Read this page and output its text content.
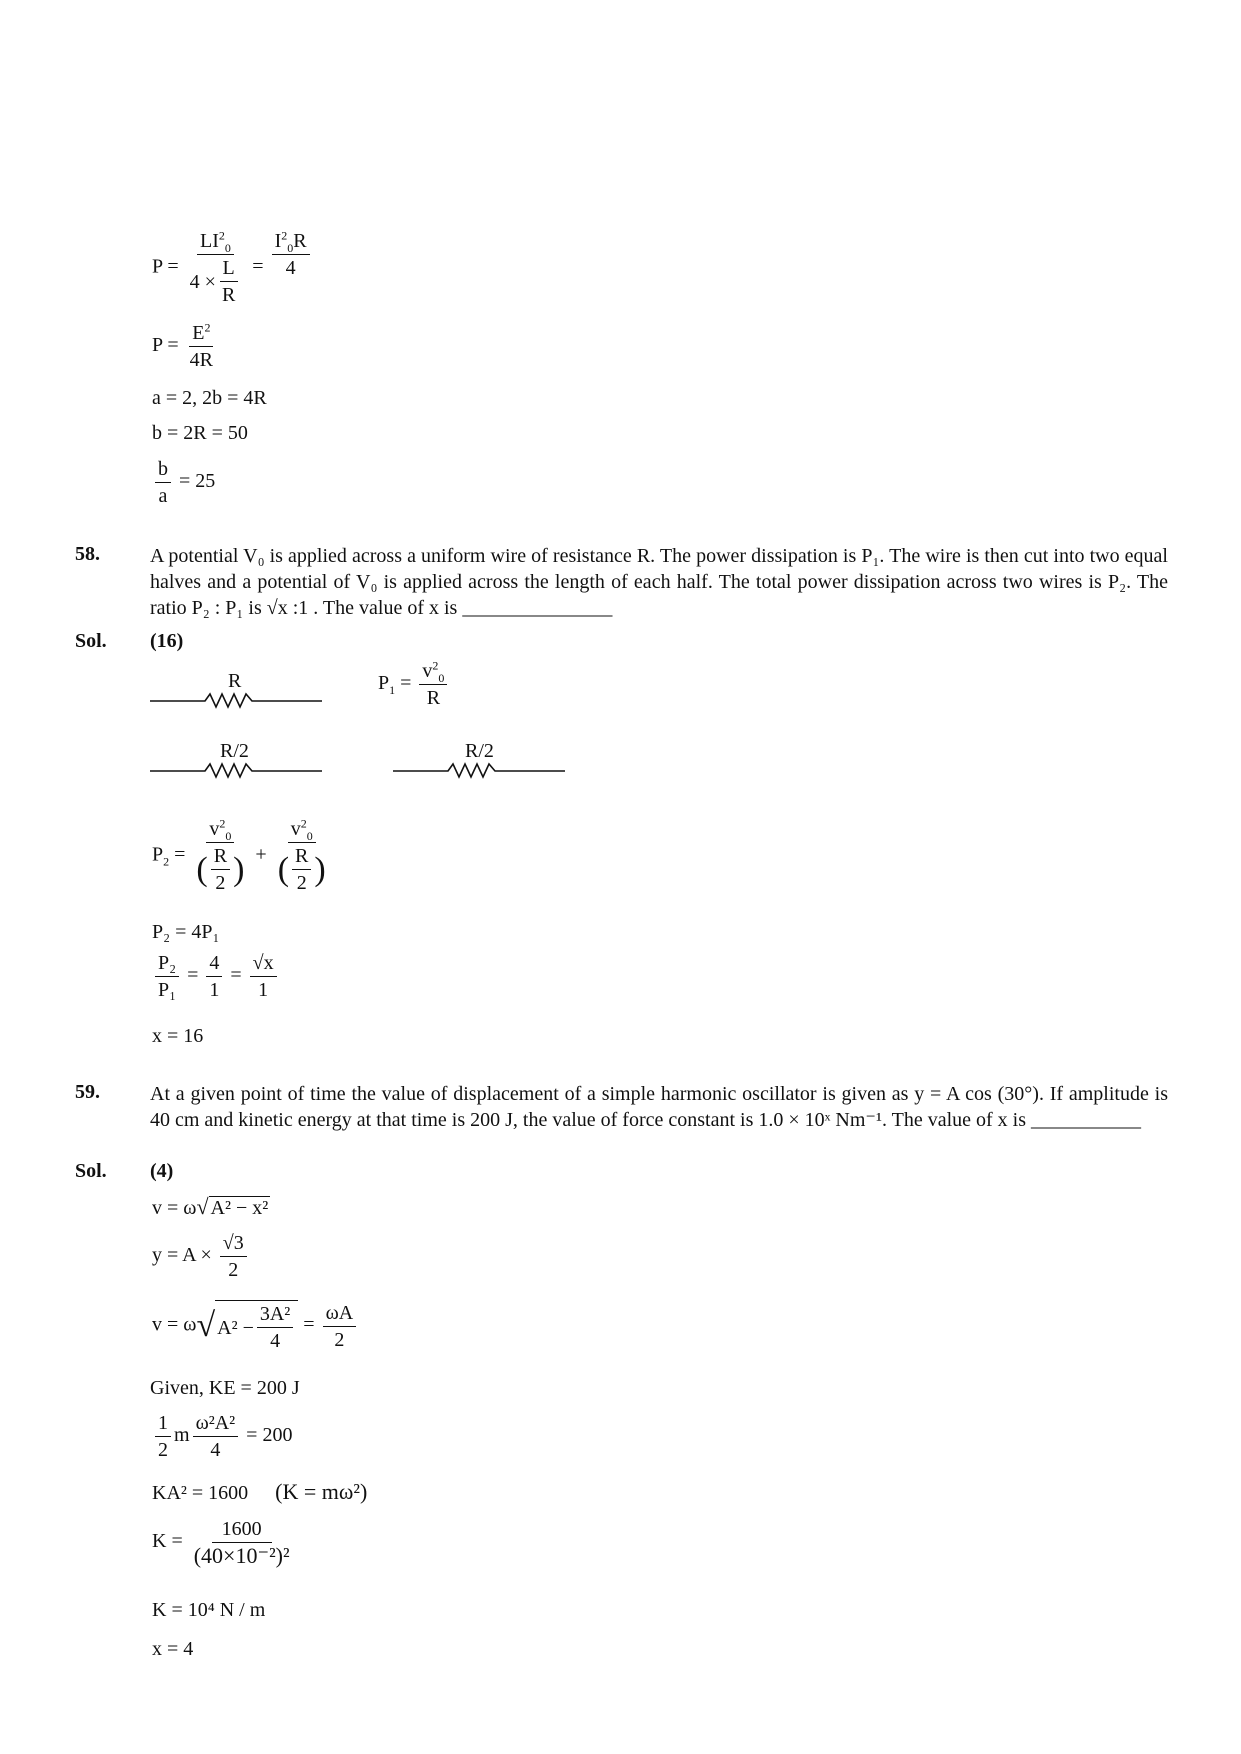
$P = \frac{LI^2_0}{4 \times \frac{L}{R}} = \frac{I^2_0R}{4}$
$P = \frac{E^2}{4R}$
a = 2, 2b = 4R
b = 2R = 50
$\frac{b}{a} = 25$
58.	A potential V₀ is applied across a uniform wire of resistance R. The power dissipation is P₁. The wire is then cut into two equal halves and a potential of V₀ is applied across the length of each half. The total power dissipation across two wires is P₂. The ratio P₂ : P₁ is √x :1 . The value of x is _______________
Sol. (16)
R	$P_1 = \frac{v^2_0}{R}$
R/2	R/2
$P_2 = \frac{v^2_0}{( \frac{R}{2} )} + \frac{v^2_0}{( \frac{R}{2} )}$
P₂ = 4P₁
$\frac{\text{P₂}}{\text{P₁}} = \frac{4}{1} = \frac{√x}{1}$
x = 16
59.	At a given point of time the value of displacement of a simple harmonic oscillator is given as y = A cos (30°). If amplitude is 40 cm and kinetic energy at that time is 200 J, the value of force constant is 1.0 × 10ˣ Nm⁻¹. The value of x is ___________
Sol. (4)
v = ω√ A² − x²
$y = A \times \frac{√3}{2}$
v = ω√ $A^2 - \frac{\text{3A²}}{4} = \frac{\omega A}{2}$
Given, KE = 200 J
$\frac{1}{2}$ m $\frac{\text{ω²A²}}{4} = 200$
KA² = 1600 (K = mω²)
$K = \frac{1600}{\text{(40×10⁻²)²}}$
K = 10⁴ N / m
x = 4
